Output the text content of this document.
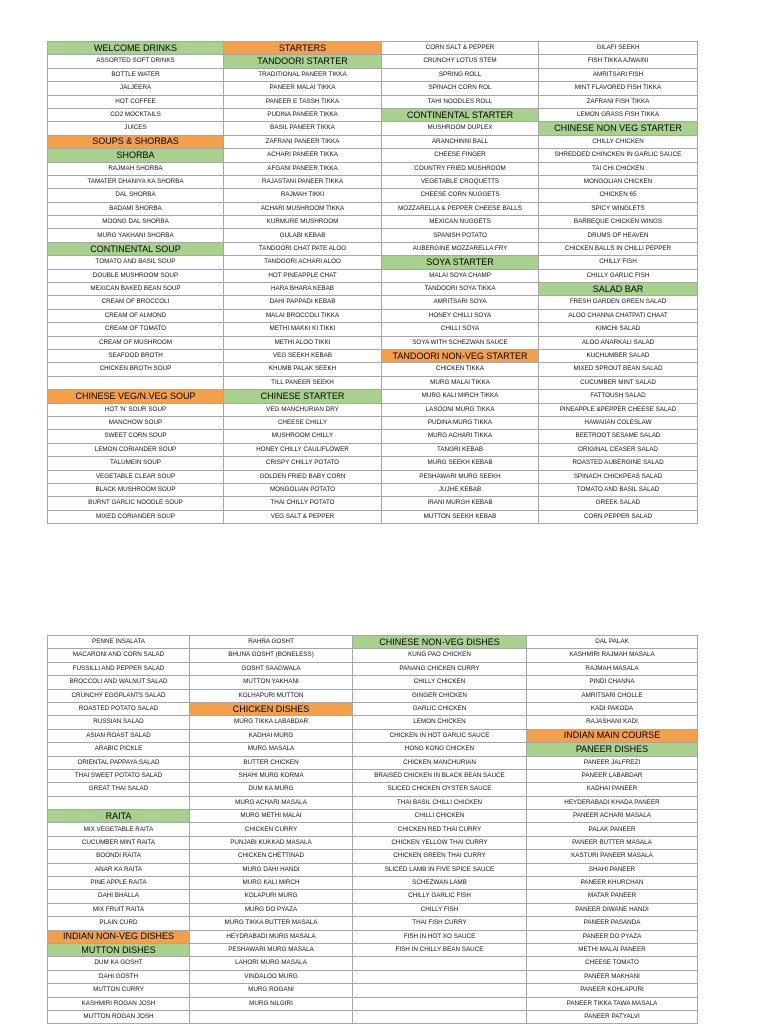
WELCOME DRINKS	STARTERS	CORN SALT & PEPPER	GILAFI SEEKH
ASSORTED SOFT DRINKS	TANDOORI STARTER	CRUNCHY LOTUS STEM	FISH TIKKA AJWAINI
BOTTLE WATER	TRADITIONAL PANEER TIKKA	SPRING ROLL	AMRITSARI FISH
JALJEERA	PANEER MALAI TIKKA	SPINACH CORN ROL	MINT FLAVORED FISH TIKKA
HOT COFFEE	PANEER E TASSH TIKKA	TAHI NOODLES ROLL	ZAFRANI FISH TIKKA
CO2 MOCKTAILS	PUDINA PANEER TIKKA	CONTINENTAL STARTER	LEMON GRASS FISH TIKKA
JUICES	BASIL PANEER TIKKA	MUSHROOM DUPLEX	CHINESE NON VEG STARTER
SOUPS & SHORBAS	ZAFRANI PANEER TIKKA	ARANCHINNI BALL	CHILLY CHICKEN
SHORBA	ACHARI PANEER TIKKA	CHEESE FINGER	SHREDDED CHINCKEN IN GARLIC SAUCE
RAJMAH SHORBA	AFGANI PANEER TIKKA	COUNTRY FRIED MUSHROOM	TAI CHI CHICKEN
TAMATER DHANIYA KA SHORBA	RAJASTANI PANEER TIKKA	VEGETABLE CROQUETTS	MONGOLIAN CHICKEN
DAL SHORBA	RAJMAH TIKKI	CHEESE CORN NUGGETS	CHICKEN 65
BADAMI SHORBA	ACHARI MUSHROOM TIKKA	MOZZARELLA & PEPPER CHEESE BALLS	SPICY WINGLETS
MOONG DAL SHORBA	KURMURE MUSHROOM	MEXICAN NUGGETS	BARBEQUE CHICKEN WINGS
MURG YAKHANI SHORBA	GULABI KEBAB	SPANISH POTATO	DRUMS OF HEAVEN
CONTINENTAL SOUP	TANDOORI CHAT PATE ALOO	AUBERGINE MOZZARELLA FRY	CHICKEN BALLS IN CHILLI PEPPER
TOMATO AND BASIL SOUP	TANDOORI ACHARI ALOO	SOYA STARTER	CHILLY FISH
DOUBLE MUSHROOM SOUP	HOT PINEAPPLE CHAT	MALAI SOYA CHAMP	CHILLY GARLIC FISH
MEXICAN BAKED BEAN SOUP	HARA BHARA KEBAB	TANDOORI SOYA TIKKA	SALAD BAR
CREAM OF BROCCOLI	DAHI PAPPADI KEBAB	AMRITSARI SOYA	FRESH GARDEN GREEN SALAD
CREAM OF ALMOND	MALAI BROCCOLI TIKKA	HONEY CHILLI SOYA	ALOO CHANNA CHATPATI CHAAT
CREAM OF TOMATO	METHI MAKKI KI TIKKI	CHILLI SOYA	KIMCHI SALAD
CREAM OF MUSHROOM	METHI ALOO TIKKI	SOYA WITH SCHEZWAN SAUCE	ALOO ANARKALI SALAD
SEAFOOD BROTH	VEG SEEKH KEBAB	TANDOORI NON-VEG STARTER	KUCHUMBER SALAD
CHICKEN BROTH SOUP	KHUMB PALAK SEEKH	CHICKEN TIKKA	MIXED SPROUT BEAN SALAD
	TILL PANEER SEEKH	MURG MALAI TIKKA	CUCUMBER MINT SALAD
CHINESE VEG/N.VEG SOUP	CHINESE STARTER	MURG KALI MIRCH TIKKA	FATTOUSH SALAD
HOT 'N' SOUR SOUP	VEG MANCHURIAN DRY	LASOONI MURG TIKKA	PINEAPPLE &PEPPER CHEESE SALAD
MANCHOW SOUP	CHEESE CHILLY	PUDINA MURG TIKKA	HAWAIIAN COLESLAW
SWEET CORN SOUP	MUSHROOM CHILLY	MURG ACHARI TIKKA	BEETROOT SESAME SALAD
LEMON CORIANDER SOUP	HONEY CHILLY CAULIFLOWER	TANGRI KEBAB	ORIGINAL CEASER SALAD
TALUMEIN SOUP	CRISPY CHILLY POTATO	MURG SEEKH KEBAB	ROASTED AUBERGINE SALAD
VEGETABLE CLEAR SOUP	GOLDEN FRIED BABY CORN	PESHAWARI MURG SEEKH	SPINACH CHICKPEAS SALAD
BLACK MUSHROOM SOUP	MONGOLIAN POTATO	JUJHE KEBAB	TOMATO AND BASIL SALAD
BURNT GARLIC NOODLE SOUP	THAI CHILLY POTATO	IRANI MURGH KEBAB	GREEK SALAD
MIXED CORIANDER SOUP	VEG SALT & PEPPER	MUTTON SEEKH KEBAB	CORN PEPPER SALAD
PENNE INSALATA	RAHRA GOSHT	CHINESE NON-VEG DISHES	DAL PALAK
MACARONI AND CORN SALAD	BHUNA GOSHT (BONELESS)	KUNG PAO CHICKEN	KASHMIRI RAJMAH MASALA
FUSSILLI AND PEPPER SALAD	GOSHT SAAGWALA	PANANG CHICKEN CURRY	RAJMAH MASALA
BROCCOLI AND WALNUT SALAD	MUTTON YAKHANI	CHILLY CHICKEN	PINDI CHANNA
CRUNCHY EGGPLANTS SALAD	KOLHAPURI MUTTON	GINGER CHICKEN	AMRITSARI CHOLLE
ROASTED POTATO SALAD	CHICKEN DISHES	GARLIC CHICKEN	KADI PAKODA
RUSSIAN SALAD	MURG TIKKA LABABDAR	LEMON CHICKEN	RAJASHANI KADI
ASIAN ROAST SALAD	KADHAI MURG	CHICKEN IN HOT GARLIC SAUCE	INDIAN MAIN COURSE
ARABIC PICKLE	MURG MASALA	HONG KONG CHICKEN	PANEER DISHES
ORIENTAL PAPPAYA SALAD	BUTTER CHICKEN	CHICKEN MANCHURIAN	PANEER JALFREZI
THAI SWEET POTATO SALAD	SHAHI MURG KORMA	BRAISED CHICKEN IN BLACK BEAN SAUCE	PANEER LABABDAR
GREAT THAI SALAD	DUM KA MURG	SLICED CHICKEN OYSTER SAUCE	KADHAI PANEER
	MURG ACHARI MASALA	THAI BASIL CHILLI CHICKEN	HEYDERABADI KHADA PANEER
RAITA	MURG METHI MALAI	CHILLI CHICKEN	PANEER ACHARI MASALA
MIX VEGETABLE RAITA	CHICKEN CURRY	CHICKEN RED THAI CURRY	PALAK PANEER
CUCUMBER MINT RAITA	PUNJABI KUKKAD MASALA	CHICKEN YELLOW THAI CURRY	PANEER BUTTER MASALA
BOONDI RAITA	CHICKEN CHETTINAD	CHICKEN GREEN THAI CURRY	KASTURI PANEER MASALA
ANAR KA RAITA	MURG DAHI HANDI	SLICED LAMB IN FIVE SPICE SAUCE	SHAHI PANEER
PINE APPLE RAITA	MURG KALI MIRCH	SCHEZWAN LAMB	PANEER KHURCHAN
DAHI BHALLA	KOLAPURI MURG	CHILLY GARLIC FISH	MATAR PANEER
MIX FRUIT RAITA	MURG DO PYAZA	CHILLY FISH	PANEER DIWANE HANDI
PLAIN CURD	MURG TIKKA BUTTER MASALA	THAI FISH CURRY	PANEER PASANDA
INDIAN NON-VEG DISHES	HEYDRABADI MURG MASALA	FISH IN HOT XO SAUCE	PANEER DO PYAZA
MUTTON DISHES	PESHAWARI MURG MASALA	FISH IN CHILLY BEAN SAUCE	METHI MALAI PANEER
DUM KA GOSHT	LAHORI MURG MASALA		CHEESE TOMATO
DAHI GOSTH	VINDALOO MURG		PANEER MAKHANI
MUTTON CURRY	MURG ROGANI		PANEER KOHLAPURI
KASHMIRI ROGAN JOSH	MURG NILGIRI		PANEER TIKKA TAWA MASALA
MUTTON ROGAN JOSH			PANEER PATYALVI
